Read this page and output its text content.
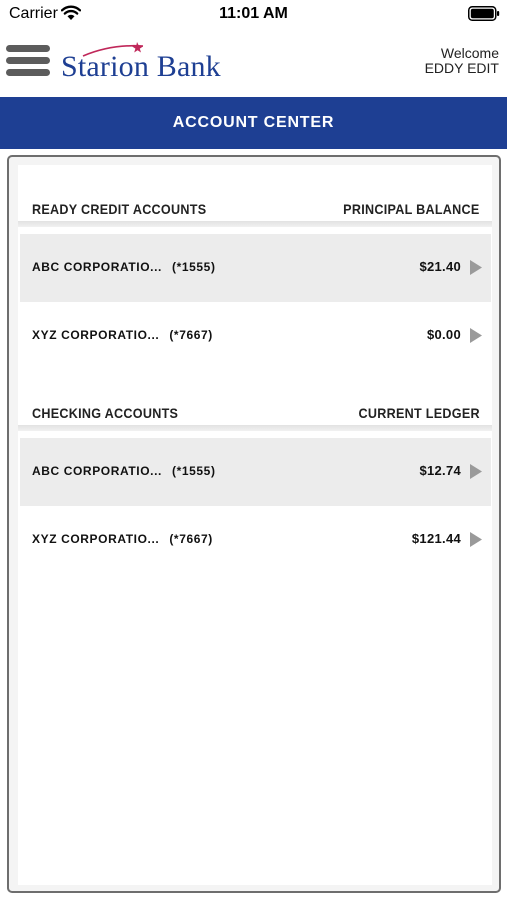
Carrier	11:01 AM
Starion Bank	Welcome
EDDY EDIT
ACCOUNT CENTER
READY CREDIT ACCOUNTS	PRINCIPAL BALANCE
ABC CORPORATIO... (*1555)	$21.40
XYZ CORPORATIO... (*7667)	$0.00
CHECKING ACCOUNTS	CURRENT LEDGER
ABC CORPORATIO... (*1555)	$12.74
XYZ CORPORATIO... (*7667)	$121.44
